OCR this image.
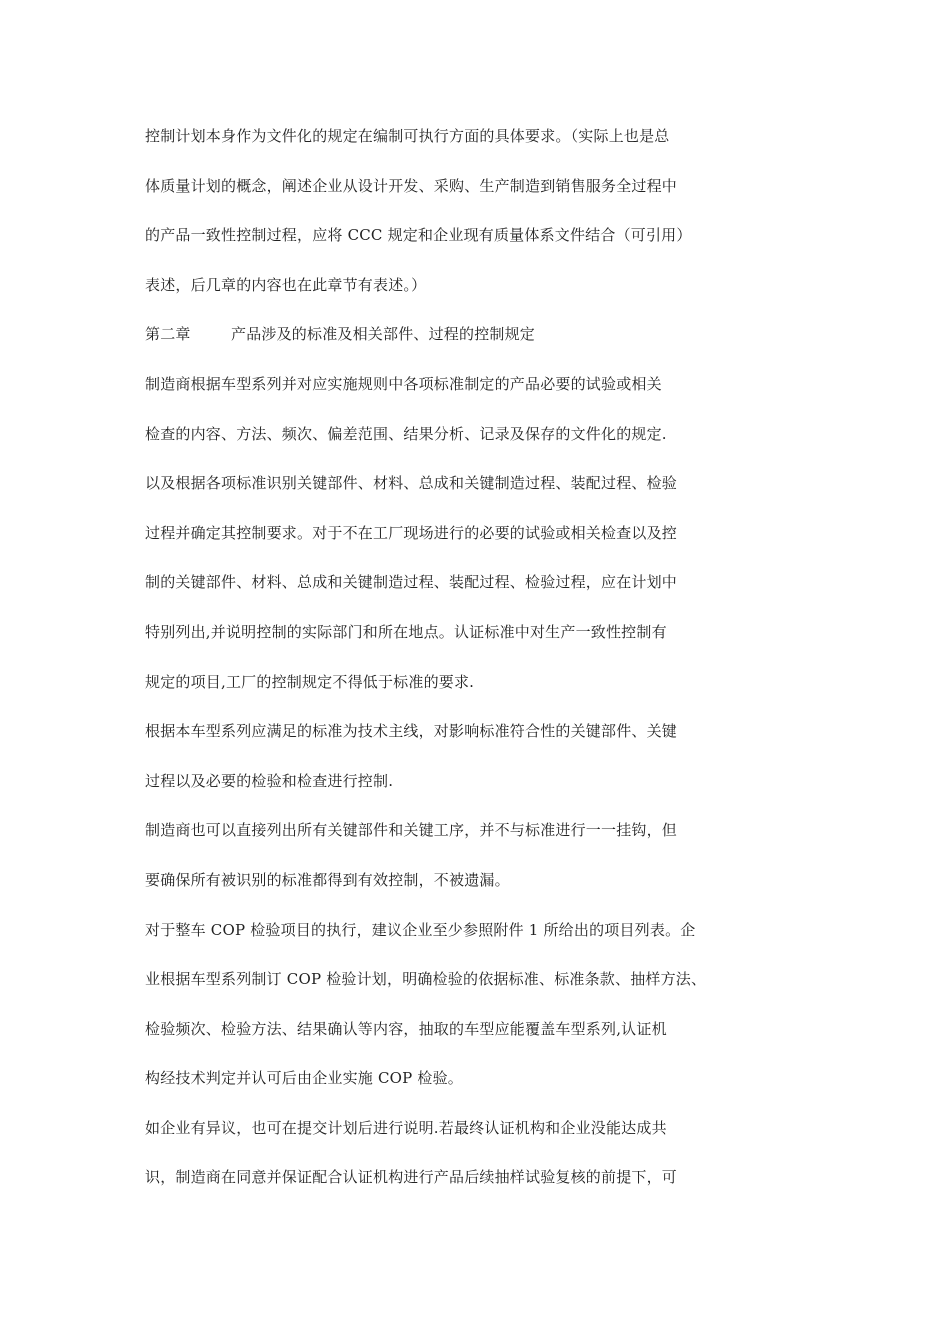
控制计划本身作为文件化的规定在编制可执行方面的具体要求。（实际上也是总
体质量计划的概念，阐述企业从设计开发、采购、生产制造到销售服务全过程中
的产品一致性控制过程，应将 CCC 规定和企业现有质量体系文件结合（可引用）
表述，后几章的内容也在此章节有表述。）
第二章	产品涉及的标准及相关部件、过程的控制规定
制造商根据车型系列并对应实施规则中各项标准制定的产品必要的试验或相关
检查的内容、方法、频次、偏差范围、结果分析、记录及保存的文件化的规定.
以及根据各项标准识别关键部件、材料、总成和关键制造过程、装配过程、检验
过程并确定其控制要求。对于不在工厂现场进行的必要的试验或相关检查以及控
制的关键部件、材料、总成和关键制造过程、装配过程、检验过程，应在计划中
特别列出,并说明控制的实际部门和所在地点。认证标准中对生产一致性控制有
规定的项目,工厂的控制规定不得低于标准的要求.
根据本车型系列应满足的标准为技术主线，对影响标准符合性的关键部件、关键
过程以及必要的检验和检查进行控制.
制造商也可以直接列出所有关键部件和关键工序，并不与标准进行一一挂钩，但
要确保所有被识别的标准都得到有效控制，不被遗漏。
对于整车 COP 检验项目的执行，建议企业至少参照附件 1 所给出的项目列表。企
业根据车型系列制订 COP 检验计划，明确检验的依据标准、标准条款、抽样方法、
检验频次、检验方法、结果确认等内容，抽取的车型应能覆盖车型系列,认证机
构经技术判定并认可后由企业实施 COP 检验。
如企业有异议，也可在提交计划后进行说明.若最终认证机构和企业没能达成共
识，制造商在同意并保证配合认证机构进行产品后续抽样试验复核的前提下，可
